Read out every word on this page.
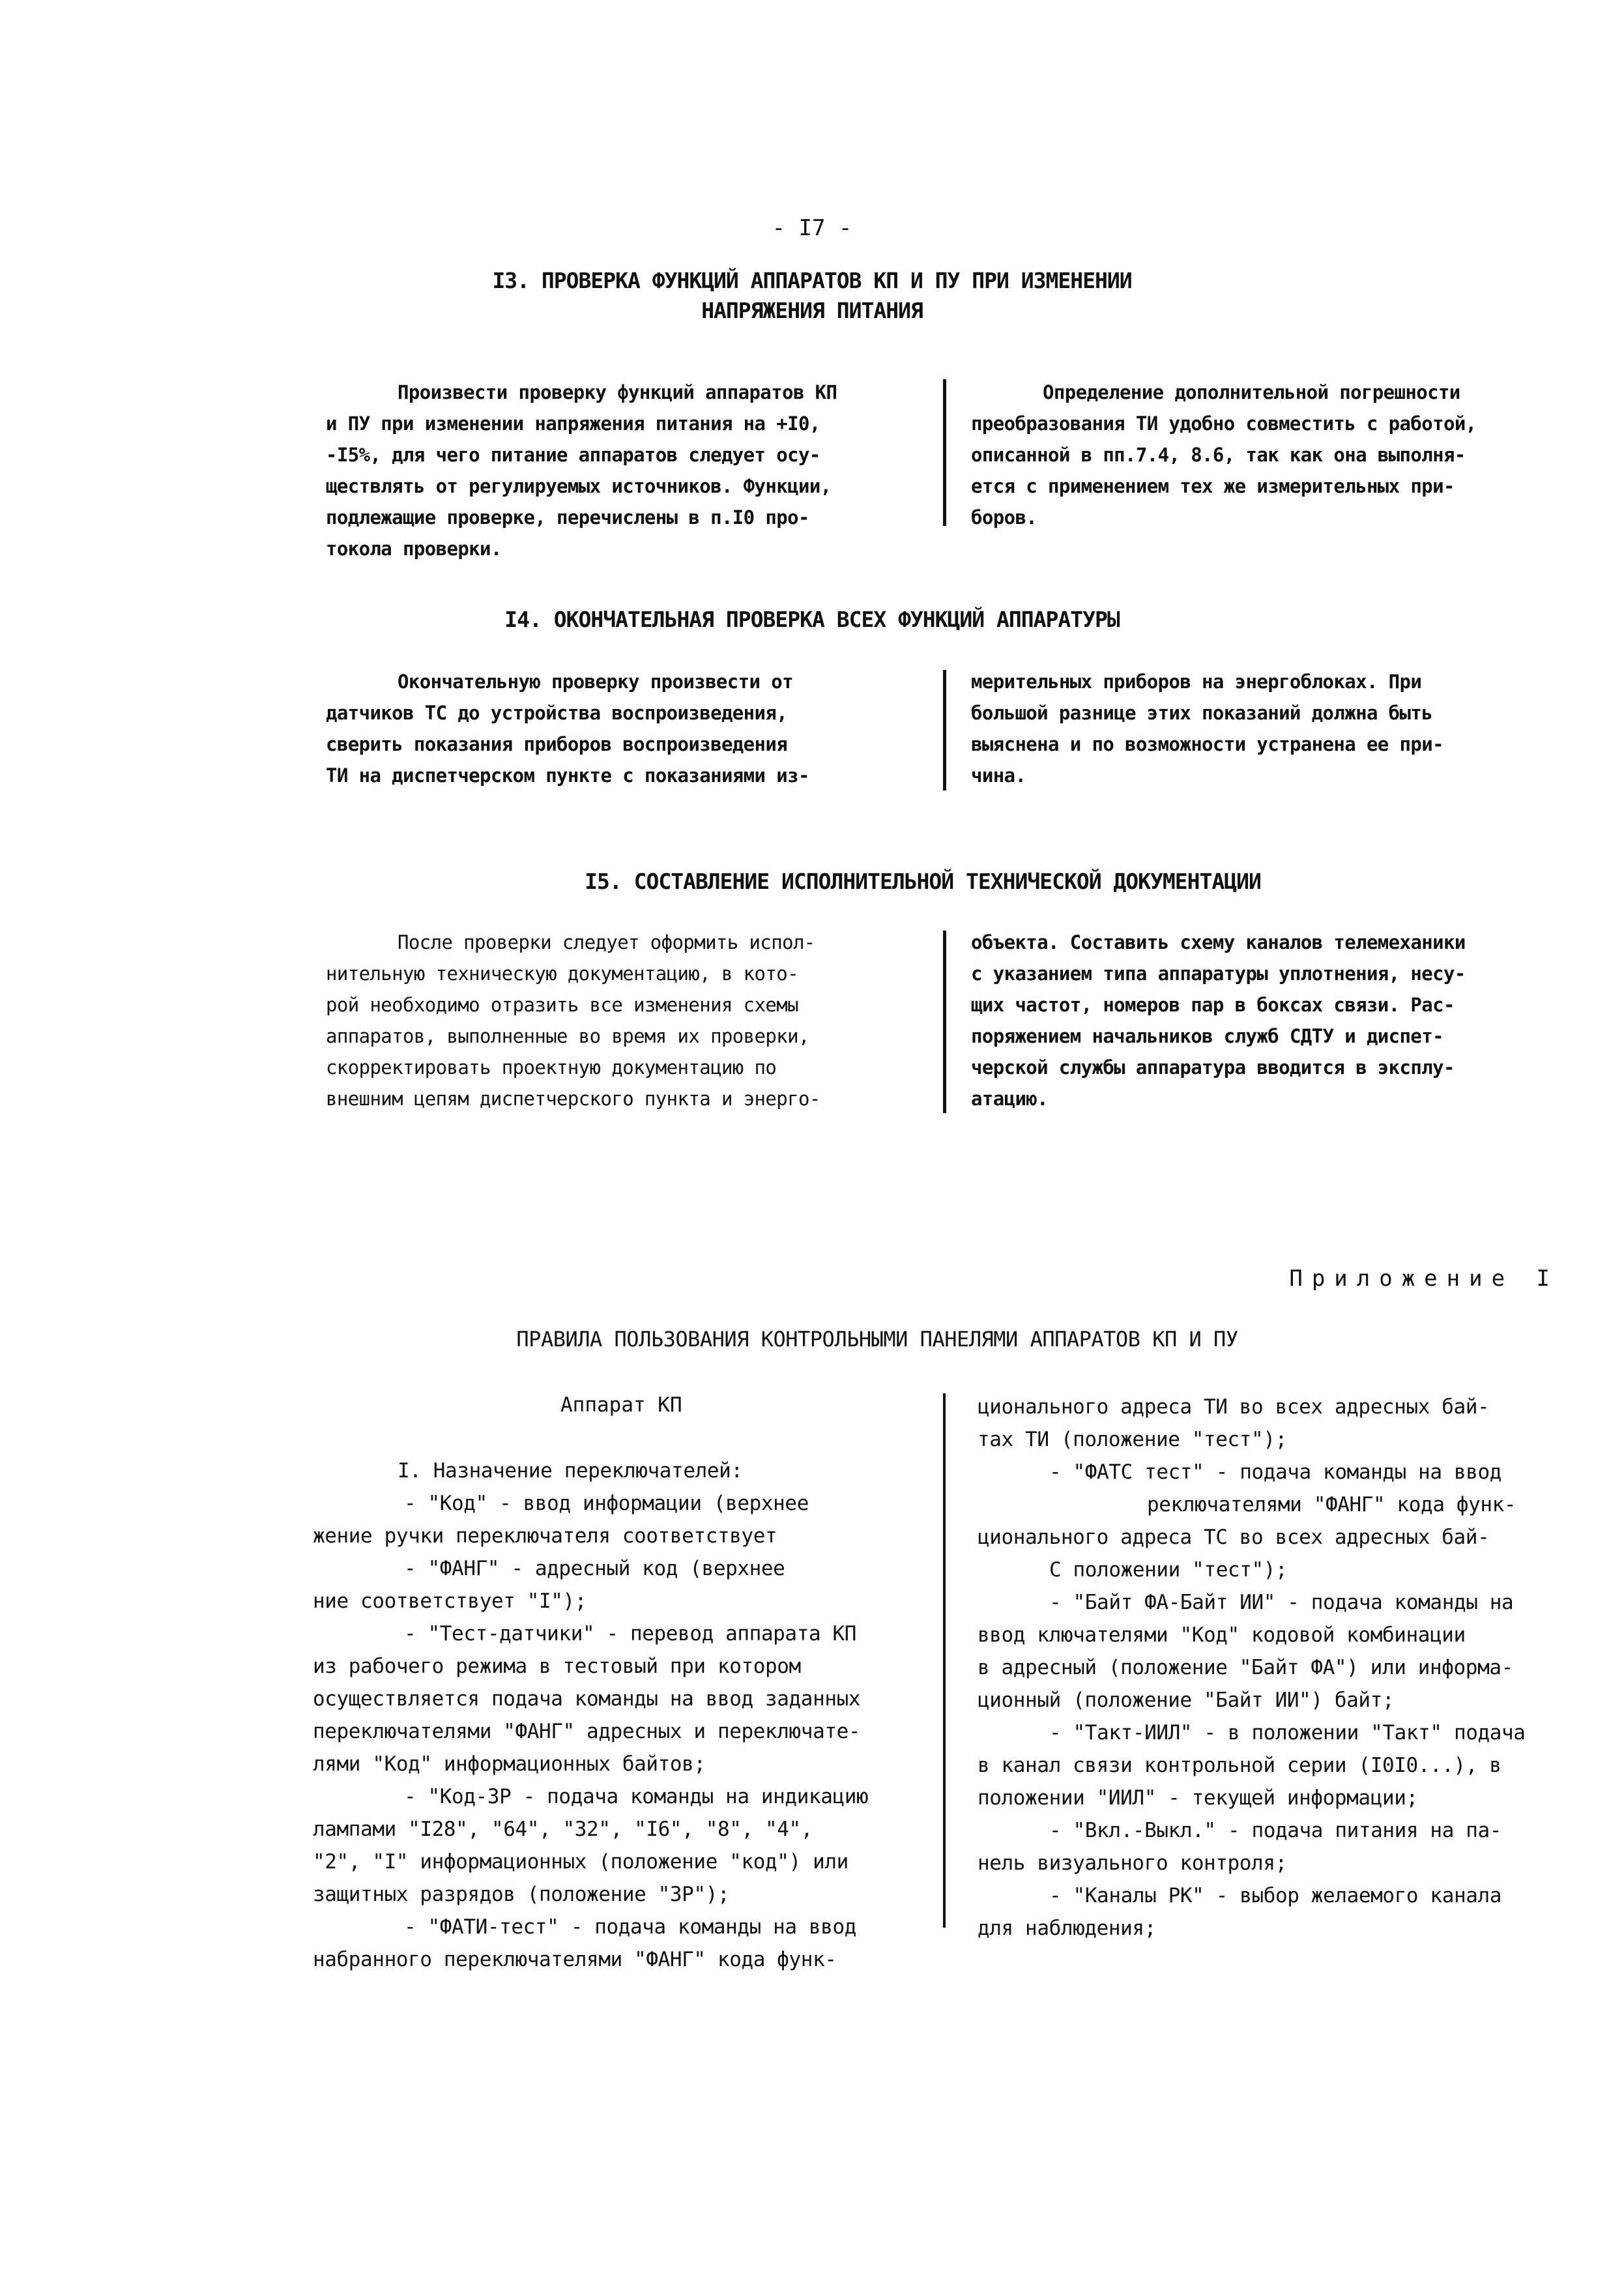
- I7 -
I3. ПРОВЕРКА ФУНКЦИЙ АППАРАТОВ КП И ПУ ПРИ ИЗМЕНЕНИИ
НАПРЯЖЕНИЯ ПИТАНИЯ

Произвести проверку функций аппаратов КП

и ПУ при изменении напряжения питания на +I0,

-I5%, для чего питание аппаратов следует осу-

ществлять от регулируемых источников. Функции,

подлежащие проверке, перечислены в п.I0 про-

токола проверки.

Определение дополнительной погрешности

преобразования ТИ удобно совместить с работой,

описанной в пп.7.4, 8.6, так как она выполня-

ется с применением тех же измерительных при-

боров.

I4. ОКОНЧАТЕЛЬНАЯ ПРОВЕРКА ВСЕХ ФУНКЦИЙ АППАРАТУРЫ

Окончательную проверку произвести от

датчиков ТС до устройства воспроизведения,

сверить показания приборов воспроизведения

ТИ на диспетчерском пункте с показаниями из-

мерительных приборов на энергоблоках. При

большой разнице этих показаний должна быть

выяснена и по возможности устранена ее при-

чина.

I5. СОСТАВЛЕНИЕ ИСПОЛНИТЕЛЬНОЙ ТЕХНИЧЕСКОЙ ДОКУМЕНТАЦИИ

После проверки следует оформить испол-

нительную техническую документацию, в кото-

рой необходимо отразить все изменения схемы

аппаратов, выполненные во время их проверки,

скорректировать проектную документацию по

внешним цепям диспетчерского пункта и энерго-

объекта. Составить схему каналов телемеханики

с указанием типа аппаратуры уплотнения, несу-

щих частот, номеров пар в боксах связи. Рас-

поряжением начальников служб СДТУ и диспет-

черской службы аппаратура вводится в эксплу-

атацию.

Приложение I
ПРАВИЛА ПОЛЬЗОВАНИЯ КОНТРОЛЬНЫМИ ПАНЕЛЯМИ АППАРАТОВ КП И ПУ
Аппарат КП

I. Назначение переключателей:

- "Код" - ввод информации (верхнее

жение ручки переключателя соответствует

- "ФАНГ" - адресный код (верхнее

ние соответствует "I");

- "Тест-датчики" - перевод аппарата КП

из рабочего режима в тестовый при котором

осуществляется подача команды на ввод заданных

переключателями "ФАНГ" адресных и переключате-

лями "Код" информационных байтов;

- "Код-ЗР - подача команды на индикацию

лампами "I28", "64", "32", "I6", "8", "4",

"2", "I" информационных (положение "код") или

защитных разрядов (положение "ЗР");

- "ФАТИ-тест" - подача команды на ввод

набранного переключателями "ФАНГ" кода функ-

ционального адреса ТИ во всех адресных бай-

тах ТИ (положение "тест");

- "ФАТС тест" - подача команды на ввод

реключателями "ФАНГ" кода функ-

ционального адреса ТС во всех адресных бай-

С положении "тест");

- "Байт ФА-Байт ИИ" - подача команды на

ввод ключателями "Код" кодовой комбинации

в адресный (положение "Байт ФА") или информа-

ционный (положение "Байт ИИ") байт;

- "Такт-ИИЛ" - в положении "Такт" подача

в канал связи контрольной серии (I0I0...), в

положении "ИИЛ" - текущей информации;

- "Вкл.-Выкл." - подача питания на па-

нель визуального контроля;

- "Каналы РК" - выбор желаемого канала

для наблюдения;
